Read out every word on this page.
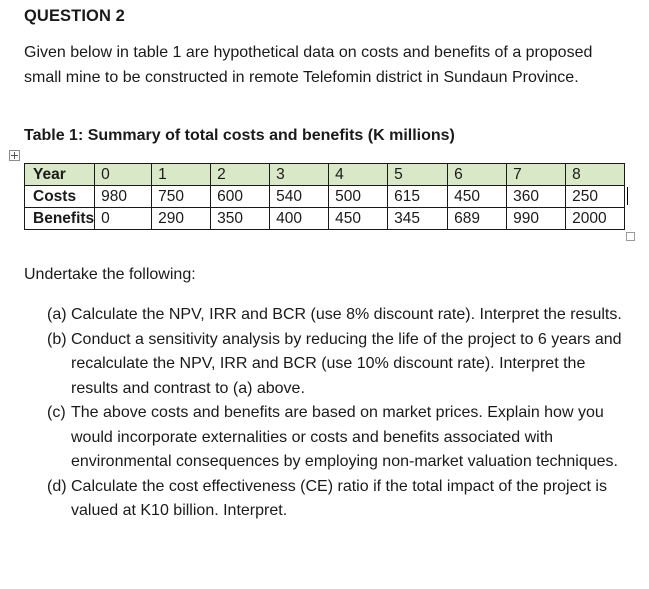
QUESTION 2
Given below in table 1 are hypothetical data on costs and benefits of a proposed small mine to be constructed in remote Telefomin district in Sundaun Province.
Table 1: Summary of total costs and benefits (K millions)
Year	0	1	2	3	4	5	6	7	8
Costs	980	750	600	540	500	615	450	360	250
Benefits	0	290	350	400	450	345	689	990	2000
Undertake the following:
(a) Calculate the NPV, IRR and BCR (use 8% discount rate). Interpret the results.
(b) Conduct a sensitivity analysis by reducing the life of the project to 6 years and recalculate the NPV, IRR and BCR (use 10% discount rate). Interpret the results and contrast to (a) above.
(c) The above costs and benefits are based on market prices. Explain how you would incorporate externalities or costs and benefits associated with environmental consequences by employing non-market valuation techniques.
(d) Calculate the cost effectiveness (CE) ratio if the total impact of the project is valued at K10 billion. Interpret.
